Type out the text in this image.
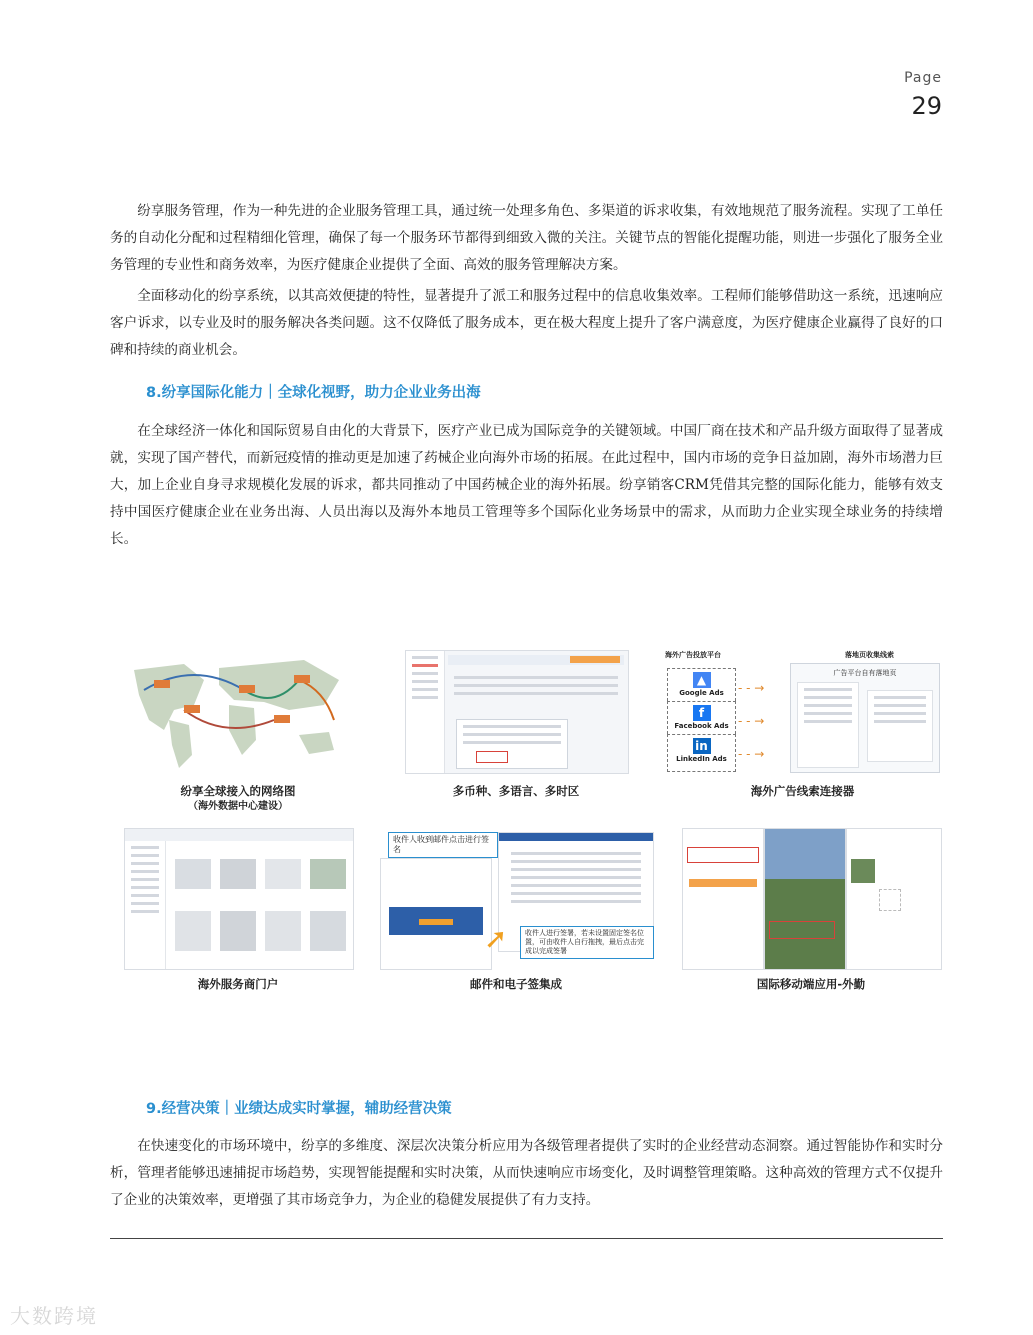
Page
29

纷享服务管理，作为一种先进的企业服务管理工具，通过统一处理多角色、多渠道的诉求收集，有效地规范了服务流程。实现了工单任务的自动化分配和过程精细化管理，确保了每一个服务环节都得到细致入微的关注。关键节点的智能化提醒功能，则进一步强化了服务全业务管理的专业性和商务效率，为医疗健康企业提供了全面、高效的服务管理解决方案。

全面移动化的纷享系统，以其高效便捷的特性，显著提升了派工和服务过程中的信息收集效率。工程师们能够借助这一系统，迅速响应客户诉求，以专业及时的服务解决各类问题。这不仅降低了服务成本，更在极大程度上提升了客户满意度，为医疗健康企业赢得了良好的口碑和持续的商业机会。

8.纷享国际化能力｜全球化视野，助力企业业务出海

在全球经济一体化和国际贸易自由化的大背景下，医疗产业已成为国际竞争的关键领域。中国厂商在技术和产品升级方面取得了显著成就，实现了国产替代，而新冠疫情的推动更是加速了药械企业向海外市场的拓展。在此过程中，国内市场的竞争日益加剧，海外市场潜力巨大，加上企业自身寻求规模化发展的诉求，都共同推动了中国药械企业的海外拓展。纷享销客CRM凭借其完整的国际化能力，能够有效支持中国医疗健康企业在业务出海、人员出海以及海外本地员工管理等多个国际化业务场景中的需求，从而助力企业实现全球业务的持续增长。

纷享全球接入的网络图
（海外数据中心建设）
多币种、多语言、多时区
海外广告投放平台	落地页收集线索
▲
Google Ads
f
Facebook Ads
in
LinkedIn Ads
- - →
- - →
- - →
广告平台自有落地页
海外广告线索连接器
海外服务商门户
收件人收到邮件点击进行签名
➚	收件人进行签署，若未设置固定签名位置，可由收件人自行拖拽，最后点击完成以完成签署
邮件和电子签集成	国际移动端应用-外勤
9.经营决策｜业绩达成实时掌握，辅助经营决策

在快速变化的市场环境中，纷享的多维度、深层次决策分析应用为各级管理者提供了实时的企业经营动态洞察。通过智能协作和实时分析，管理者能够迅速捕捉市场趋势，实现智能提醒和实时决策，从而快速响应市场变化，及时调整管理策略。这种高效的管理方式不仅提升了企业的决策效率，更增强了其市场竞争力，为企业的稳健发展提供了有力支持。

大数跨境
